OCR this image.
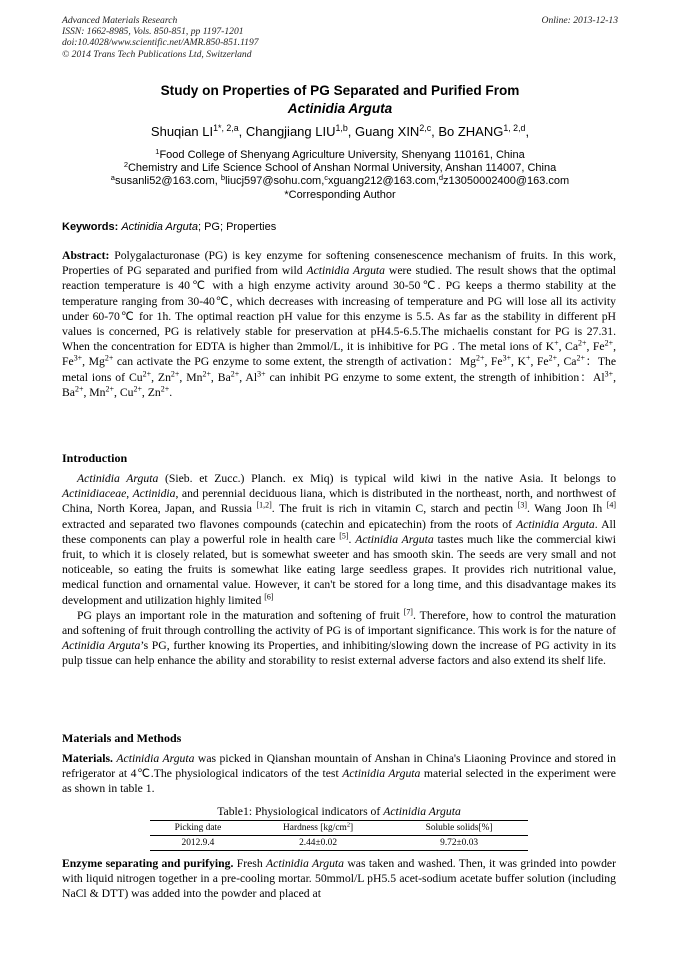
Advanced Materials Research
ISSN: 1662-8985, Vols. 850-851, pp 1197-1201
doi:10.4028/www.scientific.net/AMR.850-851.1197
© 2014 Trans Tech Publications Ltd, Switzerland
Online: 2013-12-13
Study on Properties of PG Separated and Purified From
Actinidia Arguta
Shuqian $LI^{1*, 2,a}$, Changjiang LIU$^{1,b}$, Guang XIN$^{2,c}$, Bo ZHANG$^{1, 2,d}$,
$^1$Food College of Shenyang Agriculture University, Shenyang 110161, China
$^2$Chemistry and Life Science School of Anshan Normal University, Anshan 114007, China
$^a$susanli52@163.com, $^b$liucj597@sohu.com,$^c$xguang212@163.com,$^d$z13050002400@163.com
*Corresponding Author
Keywords: Actinidia Arguta; PG; Properties
Abstract: Polygalacturonase (PG) is key enzyme for softening consenescence mechanism of fruits. In this work, Properties of PG separated and purified from wild Actinidia Arguta were studied. The result shows that the optimal reaction temperature is 40℃ with a high enzyme activity around 30-50℃. PG keeps a thermo stability at the temperature ranging from 30-40℃, which decreases with increasing of temperature and PG will lose all its activity under 60-70℃ for 1h. The optimal reaction pH value for this enzyme is 5.5. As far as the stability in different pH values is concerned, PG is relatively stable for preservation at pH4.5-6.5.The michaelis constant for PG is 27.31. When the concentration for EDTA is higher than 2mmol/L, it is inhibitive for PG . The metal ions of K+, $Ca^{2+}$, $Fe^{2+}$, $Fe^{3+}$, $Mg^{2+}$ can activate the PG enzyme to some extent, the strength of activation：$Mg^{2+}$, $Fe^{3+}$, K+, $Fe^{2+}$, $Ca^{2+}$：The metal ions of $Cu^{2+}$, $Zn^{2+}$, $Mn^{2+}$, $Ba^{2+}$, $Al^{3+}$ can inhibit PG enzyme to some extent, the strength of inhibition：$Al^{3+}$, $Ba^{2+}$, $Mn^{2+}$, $Cu^{2+}$, $Zn^{2+}$.
Introduction

Actinidia Arguta (Sieb. et Zucc.) Planch. ex Miq) is typical wild kiwi in the native Asia. It belongs to Actinidiaceae, Actinidia, and perennial deciduous liana, which is distributed in the northeast, north, and northwest of China, North Korea, Japan, and Russia [1,2]. The fruit is rich in vitamin C, starch and pectin [3]. Wang Joon Ih [4] extracted and separated two flavones compounds (catechin and epicatechin) from the roots of Actinidia Arguta. All these components can play a powerful role in health care [5]. Actinidia Arguta tastes much like the commercial kiwi fruit, to which it is closely related, but is somewhat sweeter and has smooth skin. The seeds are very small and not noticeable, so eating the fruits is somewhat like eating large seedless grapes. It provides rich nutritional value, medical function and ornamental value. However, it can't be stored for a long time, and this disadvantage makes its development and utilization highly limited [6]

PG plays an important role in the maturation and softening of fruit [7]. Therefore, how to control the maturation and softening of fruit through controlling the activity of PG is of important significance. This work is for the nature of Actinidia Arguta’s PG, further knowing its Properties, and inhibiting/slowing down the increase of PG activity in its pulp tissue can help enhance the ability and storability to resist external adverse factors and also extend its shelf life.

Materials and Methods
Materials. Actinidia Arguta was picked in Qianshan mountain of Anshan in China's Liaoning Province and stored in refrigerator at 4℃.The physiological indicators of the test Actinidia Arguta material selected in the experiment were as shown in table 1.
Table1: Physiological indicators of Actinidia Arguta
Picking date	Hardness $[kg/cm^2]$	Soluble solids[%]
2012.9.4	2.44±0.02	9.72±0.03
Enzyme separating and purifying. Fresh Actinidia Arguta was taken and washed. Then, it was grinded into powder with liquid nitrogen together in a pre-cooling mortar. 50mmol/L pH5.5 acet-sodium acetate buffer solution (including NaCl & DTT) was added into the powder and placed at
